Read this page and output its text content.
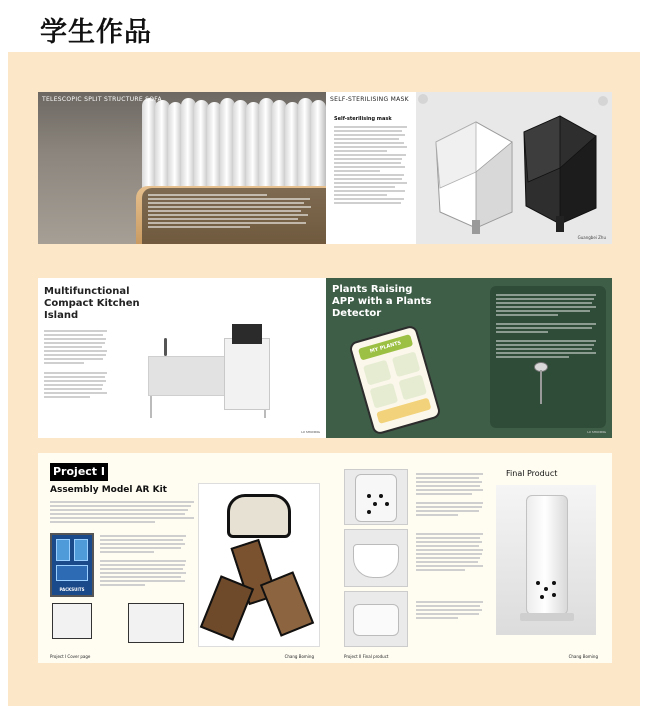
学生作品
TELESCOPIC SPLIT STRUCTURE SOFA	SELF-STERILISING MASK
Self-sterilising mask
Guangbei Zhu
Multifunctional Compact Kitchen Island
LU SHUDING
Plants Raising APP with a Plants Detector
MY PLANTS
LU SHUDING
Project I
Assembly Model AR Kit
PACKSUITS
Project I Cover page	Chang Boming
Final Product
Project II Final product	Chang Boming
